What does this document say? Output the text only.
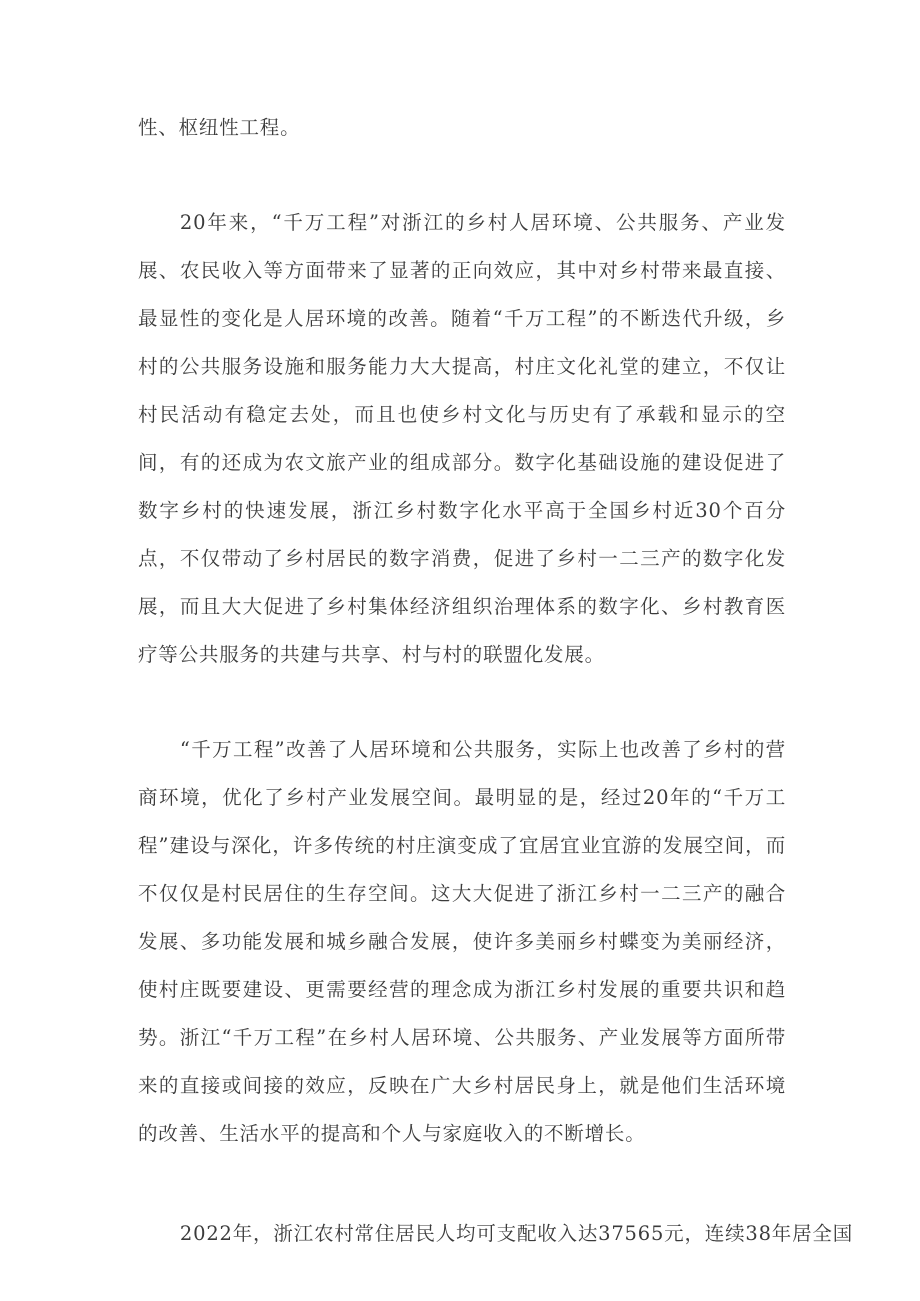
性、枢纽性工程。

20年来，“千万工程”对浙江的乡村人居环境、公共服务、产业发展、农民收入等方面带来了显著的正向效应，其中对乡村带来最直接、最显性的变化是人居环境的改善。随着“千万工程”的不断迭代升级，乡村的公共服务设施和服务能力大大提高，村庄文化礼堂的建立，不仅让村民活动有稳定去处，而且也使乡村文化与历史有了承载和显示的空间，有的还成为农文旅产业的组成部分。数字化基础设施的建设促进了数字乡村的快速发展，浙江乡村数字化水平高于全国乡村近30个百分点，不仅带动了乡村居民的数字消费，促进了乡村一二三产的数字化发展，而且大大促进了乡村集体经济组织治理体系的数字化、乡村教育医疗等公共服务的共建与共享、村与村的联盟化发展。

“千万工程”改善了人居环境和公共服务，实际上也改善了乡村的营商环境，优化了乡村产业发展空间。最明显的是，经过20年的“千万工程”建设与深化，许多传统的村庄演变成了宜居宜业宜游的发展空间，而不仅仅是村民居住的生存空间。这大大促进了浙江乡村一二三产的融合发展、多功能发展和城乡融合发展，使许多美丽乡村蝶变为美丽经济，使村庄既要建设、更需要经营的理念成为浙江乡村发展的重要共识和趋势。浙江“千万工程”在乡村人居环境、公共服务、产业发展等方面所带来的直接或间接的效应，反映在广大乡村居民身上，就是他们生活环境的改善、生活水平的提高和个人与家庭收入的不断增长。

2022年，浙江农村常住居民人均可支配收入达37565元，连续38年居全国
